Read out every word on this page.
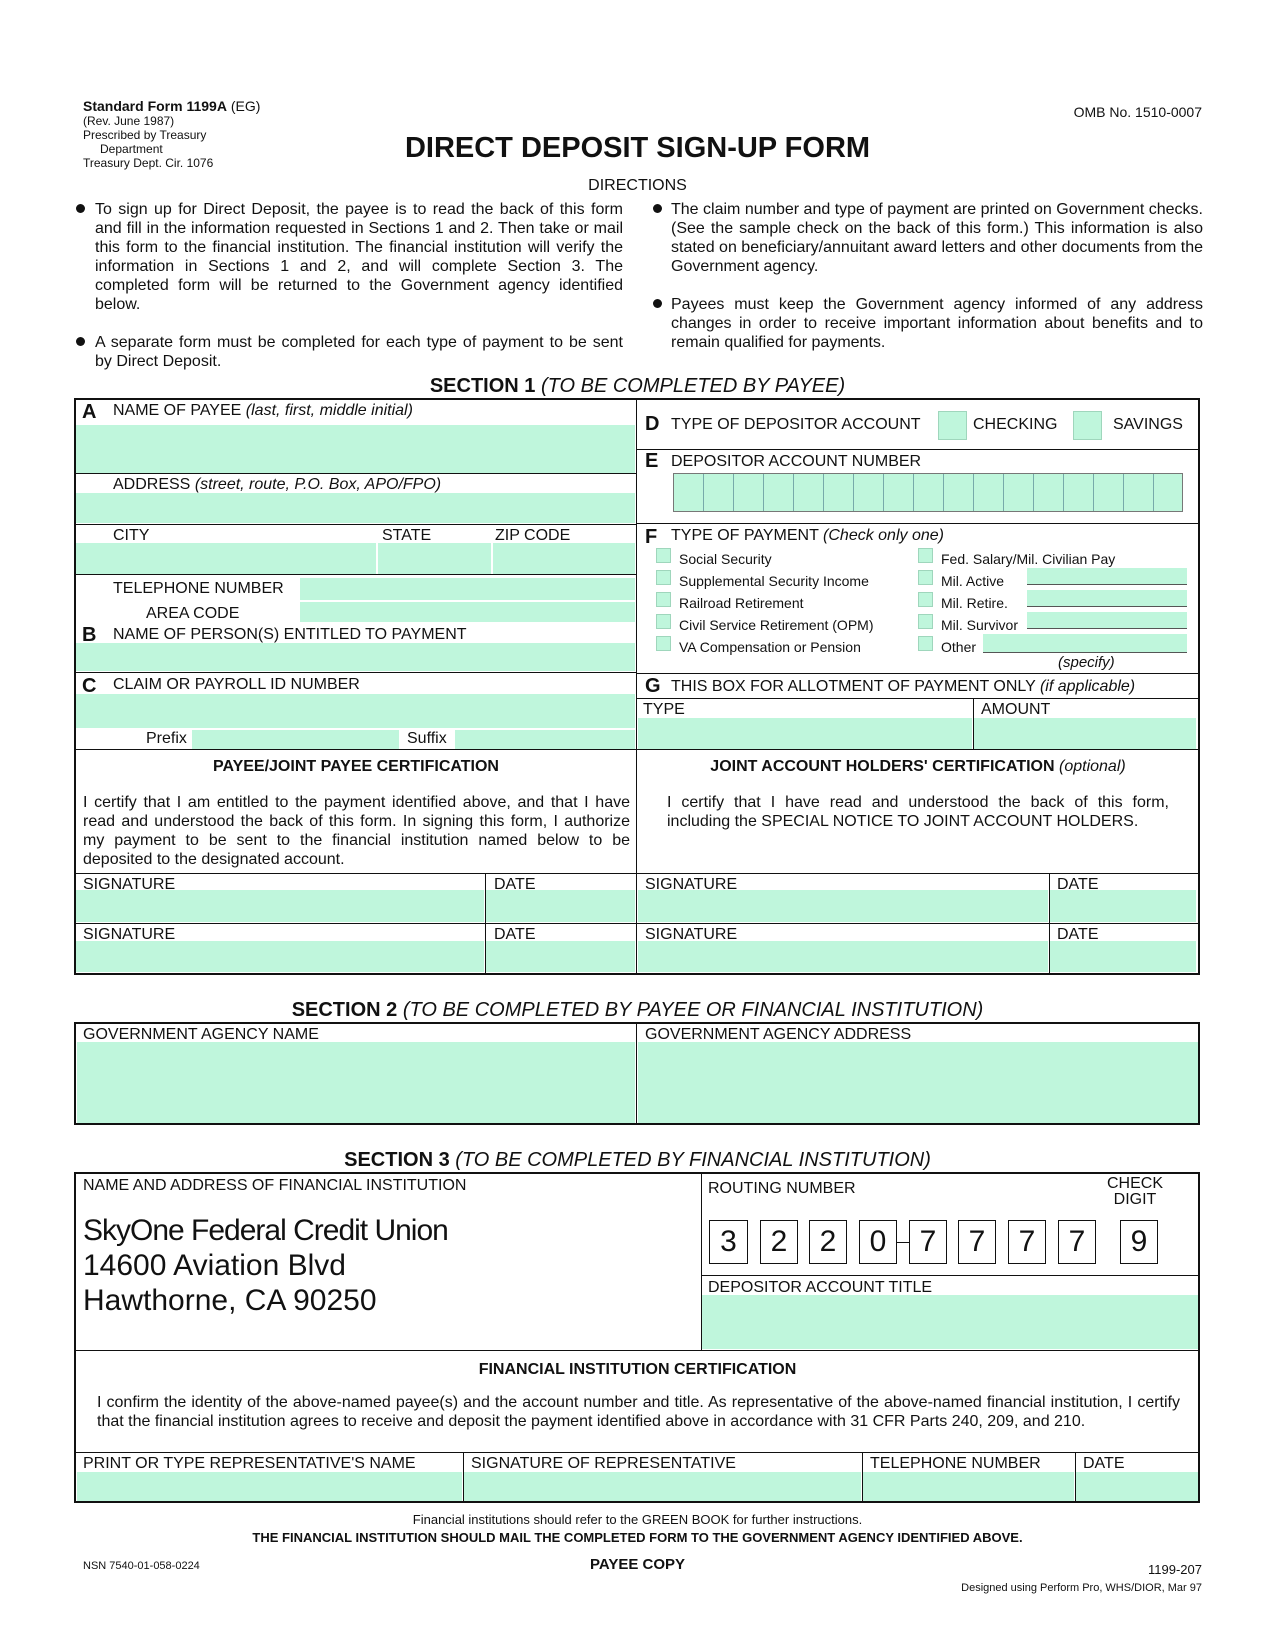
Standard Form 1199A (EG)
(Rev. June 1987)
Prescribed by Treasury
Department
Treasury Dept. Cir. 1076
OMB No. 1510-0007
DIRECT DEPOSIT SIGN-UP FORM
DIRECTIONS
To sign up for Direct Deposit, the payee is to read the back of this form and fill in the information requested in Sections 1 and 2. Then take or mail this form to the financial institution. The financial institution will verify the information in Sections 1 and 2, and will complete Section 3. The completed form will be returned to the Government agency identified below.
A separate form must be completed for each type of payment to be sent by Direct Deposit.
The claim number and type of payment are printed on Government checks. (See the sample check on the back of this form.) This information is also stated on beneficiary/annuitant award letters and other documents from the Government agency.
Payees must keep the Government agency informed of any address changes in order to receive important information about benefits and to remain qualified for payments.
SECTION 1 (TO BE COMPLETED BY PAYEE)
A NAME OF PAYEE (last, first, middle initial)
ADDRESS (street, route, P.O. Box, APO/FPO)
CITY	STATE	ZIP CODE
TELEPHONE NUMBER
AREA CODE
B NAME OF PERSON(S) ENTITLED TO PAYMENT
C CLAIM OR PAYROLL ID NUMBER
Prefix	Suffix
D TYPE OF DEPOSITOR ACCOUNT	CHECKING	SAVINGS
E DEPOSITOR ACCOUNT NUMBER
F TYPE OF PAYMENT (Check only one)
Social Security
Supplemental Security Income
Railroad Retirement
Civil Service Retirement (OPM)
VA Compensation or Pension
Fed. Salary/Mil. Civilian Pay
Mil. Active
Mil. Retire.
Mil. Survivor
Other
(specify)
G THIS BOX FOR ALLOTMENT OF PAYMENT ONLY (if applicable)
TYPE	AMOUNT
PAYEE/JOINT PAYEE CERTIFICATION
I certify that I am entitled to the payment identified above, and that I have read and understood the back of this form. In signing this form, I authorize my payment to be sent to the financial institution named below to be deposited to the designated account.
JOINT ACCOUNT HOLDERS' CERTIFICATION (optional)
I certify that I have read and understood the back of this form, including the SPECIAL NOTICE TO JOINT ACCOUNT HOLDERS.
SIGNATURE	DATE	SIGNATURE	DATE
SIGNATURE	DATE	SIGNATURE	DATE
SECTION 2 (TO BE COMPLETED BY PAYEE OR FINANCIAL INSTITUTION)
GOVERNMENT AGENCY NAME	GOVERNMENT AGENCY ADDRESS
SECTION 3 (TO BE COMPLETED BY FINANCIAL INSTITUTION)
NAME AND ADDRESS OF FINANCIAL INSTITUTION
SkyOne Federal Credit Union
14600 Aviation Blvd
Hawthorne, CA 90250
ROUTING NUMBER	CHECK
DIGIT
3	2	2	0	7	7	7	7	9
DEPOSITOR ACCOUNT TITLE
FINANCIAL INSTITUTION CERTIFICATION
I confirm the identity of the above-named payee(s) and the account number and title. As representative of the above-named financial institution, I certify that the financial institution agrees to receive and deposit the payment identified above in accordance with 31 CFR Parts 240, 209, and 210.
PRINT OR TYPE REPRESENTATIVE'S NAME	SIGNATURE OF REPRESENTATIVE	TELEPHONE NUMBER	DATE
Financial institutions should refer to the GREEN BOOK for further instructions.
THE FINANCIAL INSTITUTION SHOULD MAIL THE COMPLETED FORM TO THE GOVERNMENT AGENCY IDENTIFIED ABOVE.
NSN 7540-01-058-0224	PAYEE COPY	1199-207
Designed using Perform Pro, WHS/DIOR, Mar 97
